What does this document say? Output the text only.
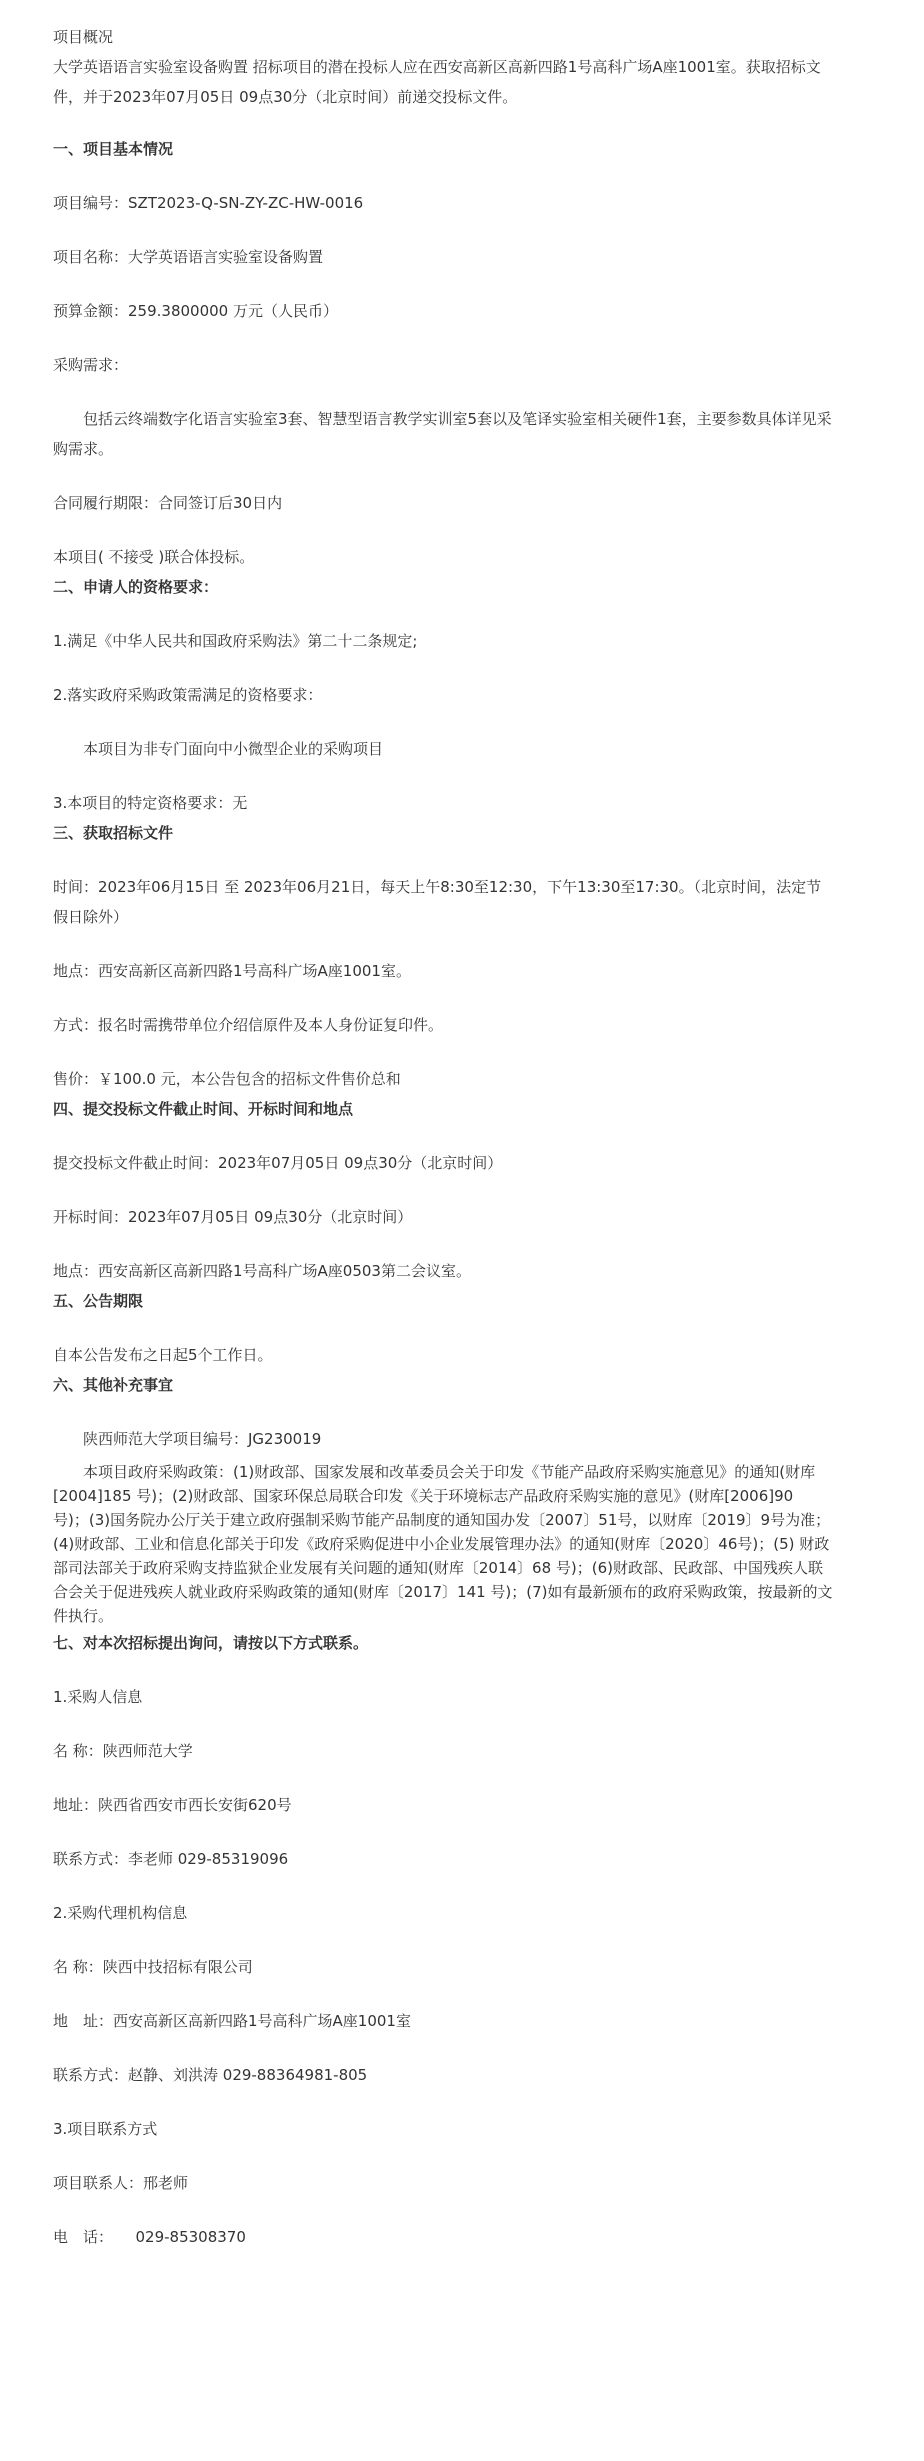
项目概况
大学英语语言实验室设备购置 招标项目的潜在投标人应在西安高新区高新四路1号高科广场A座1001室。获取招标文件，并于2023年07月05日 09点30分（北京时间）前递交投标文件。
一、项目基本情况
项目编号：SZT2023-Q-SN-ZY-ZC-HW-0016
项目名称：大学英语语言实验室设备购置
预算金额：259.3800000 万元（人民币）
采购需求：
包括云终端数字化语言实验室3套、智慧型语言教学实训室5套以及笔译实验室相关硬件1套，主要参数具体详见采购需求。
合同履行期限：合同签订后30日内
本项目( 不接受 )联合体投标。
二、申请人的资格要求：
1.满足《中华人民共和国政府采购法》第二十二条规定;
2.落实政府采购政策需满足的资格要求：
本项目为非专门面向中小微型企业的采购项目
3.本项目的特定资格要求：无
三、获取招标文件
时间：2023年06月15日 至 2023年06月21日，每天上午8:30至12:30，下午13:30至17:30。（北京时间，法定节假日除外）
地点：西安高新区高新四路1号高科广场A座1001室。
方式：报名时需携带单位介绍信原件及本人身份证复印件。
售价：￥100.0 元，本公告包含的招标文件售价总和
四、提交投标文件截止时间、开标时间和地点
提交投标文件截止时间：2023年07月05日 09点30分（北京时间）
开标时间：2023年07月05日 09点30分（北京时间）
地点：西安高新区高新四路1号高科广场A座0503第二会议室。
五、公告期限
自本公告发布之日起5个工作日。
六、其他补充事宜
陕西师范大学项目编号：JG230019
本项目政府采购政策：(1)财政部、国家发展和改革委员会关于印发《节能产品政府采购实施意见》的通知(财库[2004]185 号)；(2)财政部、国家环保总局联合印发《关于环境标志产品政府采购实施的意见》(财库[2006]90 号)；(3)国务院办公厅关于建立政府强制采购节能产品制度的通知国办发〔2007〕51号，以财库〔2019〕9号为准；(4)财政部、工业和信息化部关于印发《政府采购促进中小企业发展管理办法》的通知(财库〔2020〕46号)；(5) 财政部司法部关于政府采购支持监狱企业发展有关问题的通知(财库〔2014〕68 号)；(6)财政部、民政部、中国残疾人联合会关于促进残疾人就业政府采购政策的通知(财库〔2017〕141 号)；(7)如有最新颁布的政府采购政策，按最新的文件执行。
七、对本次招标提出询问，请按以下方式联系。
1.采购人信息
名 称：陕西师范大学
地址：陕西省西安市西长安街620号
联系方式：李老师 029-85319096
2.采购代理机构信息
名 称：陕西中技招标有限公司
地　址：西安高新区高新四路1号高科广场A座1001室
联系方式：赵静、刘洪涛 029-88364981-805
3.项目联系方式
项目联系人：邢老师
电　话：　　029-85308370
